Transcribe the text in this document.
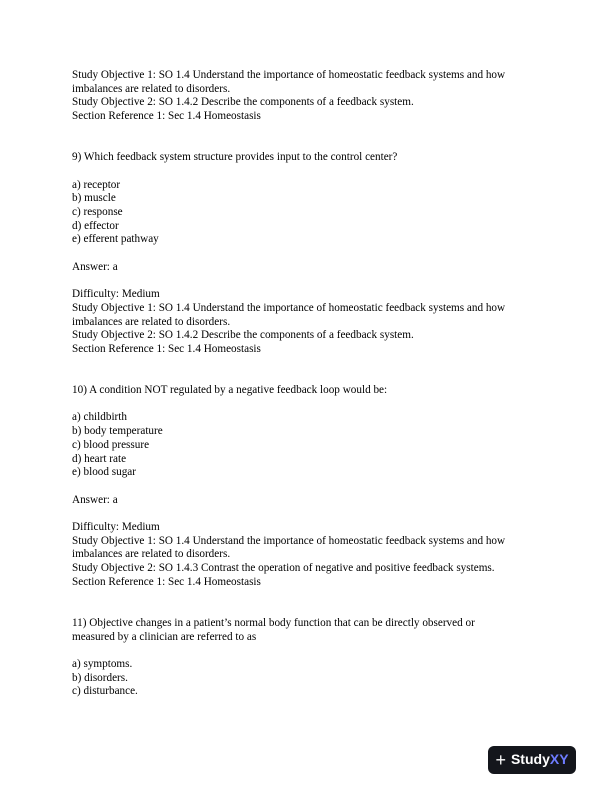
Study Objective 1: SO 1.4 Understand the importance of homeostatic feedback systems and how

imbalances are related to disorders.

Study Objective 2: SO 1.4.2 Describe the components of a feedback system.

Section Reference 1: Sec 1.4 Homeostasis

9) Which feedback system structure provides input to the control center?

a) receptor

b) muscle

c) response

d) effector

e) efferent pathway

Answer: a

Difficulty: Medium

Study Objective 1: SO 1.4 Understand the importance of homeostatic feedback systems and how

imbalances are related to disorders.

Study Objective 2: SO 1.4.2 Describe the components of a feedback system.

Section Reference 1: Sec 1.4 Homeostasis

10) A condition NOT regulated by a negative feedback loop would be:

a) childbirth

b) body temperature

c) blood pressure

d) heart rate

e) blood sugar

Answer: a

Difficulty: Medium

Study Objective 1: SO 1.4 Understand the importance of homeostatic feedback systems and how

imbalances are related to disorders.

Study Objective 2: SO 1.4.3 Contrast the operation of negative and positive feedback systems.

Section Reference 1: Sec 1.4 Homeostasis

11) Objective changes in a patient’s normal body function that can be directly observed or

measured by a clinician are referred to as

a) symptoms.

b) disorders.

c) disturbance.

+ StudyXY
